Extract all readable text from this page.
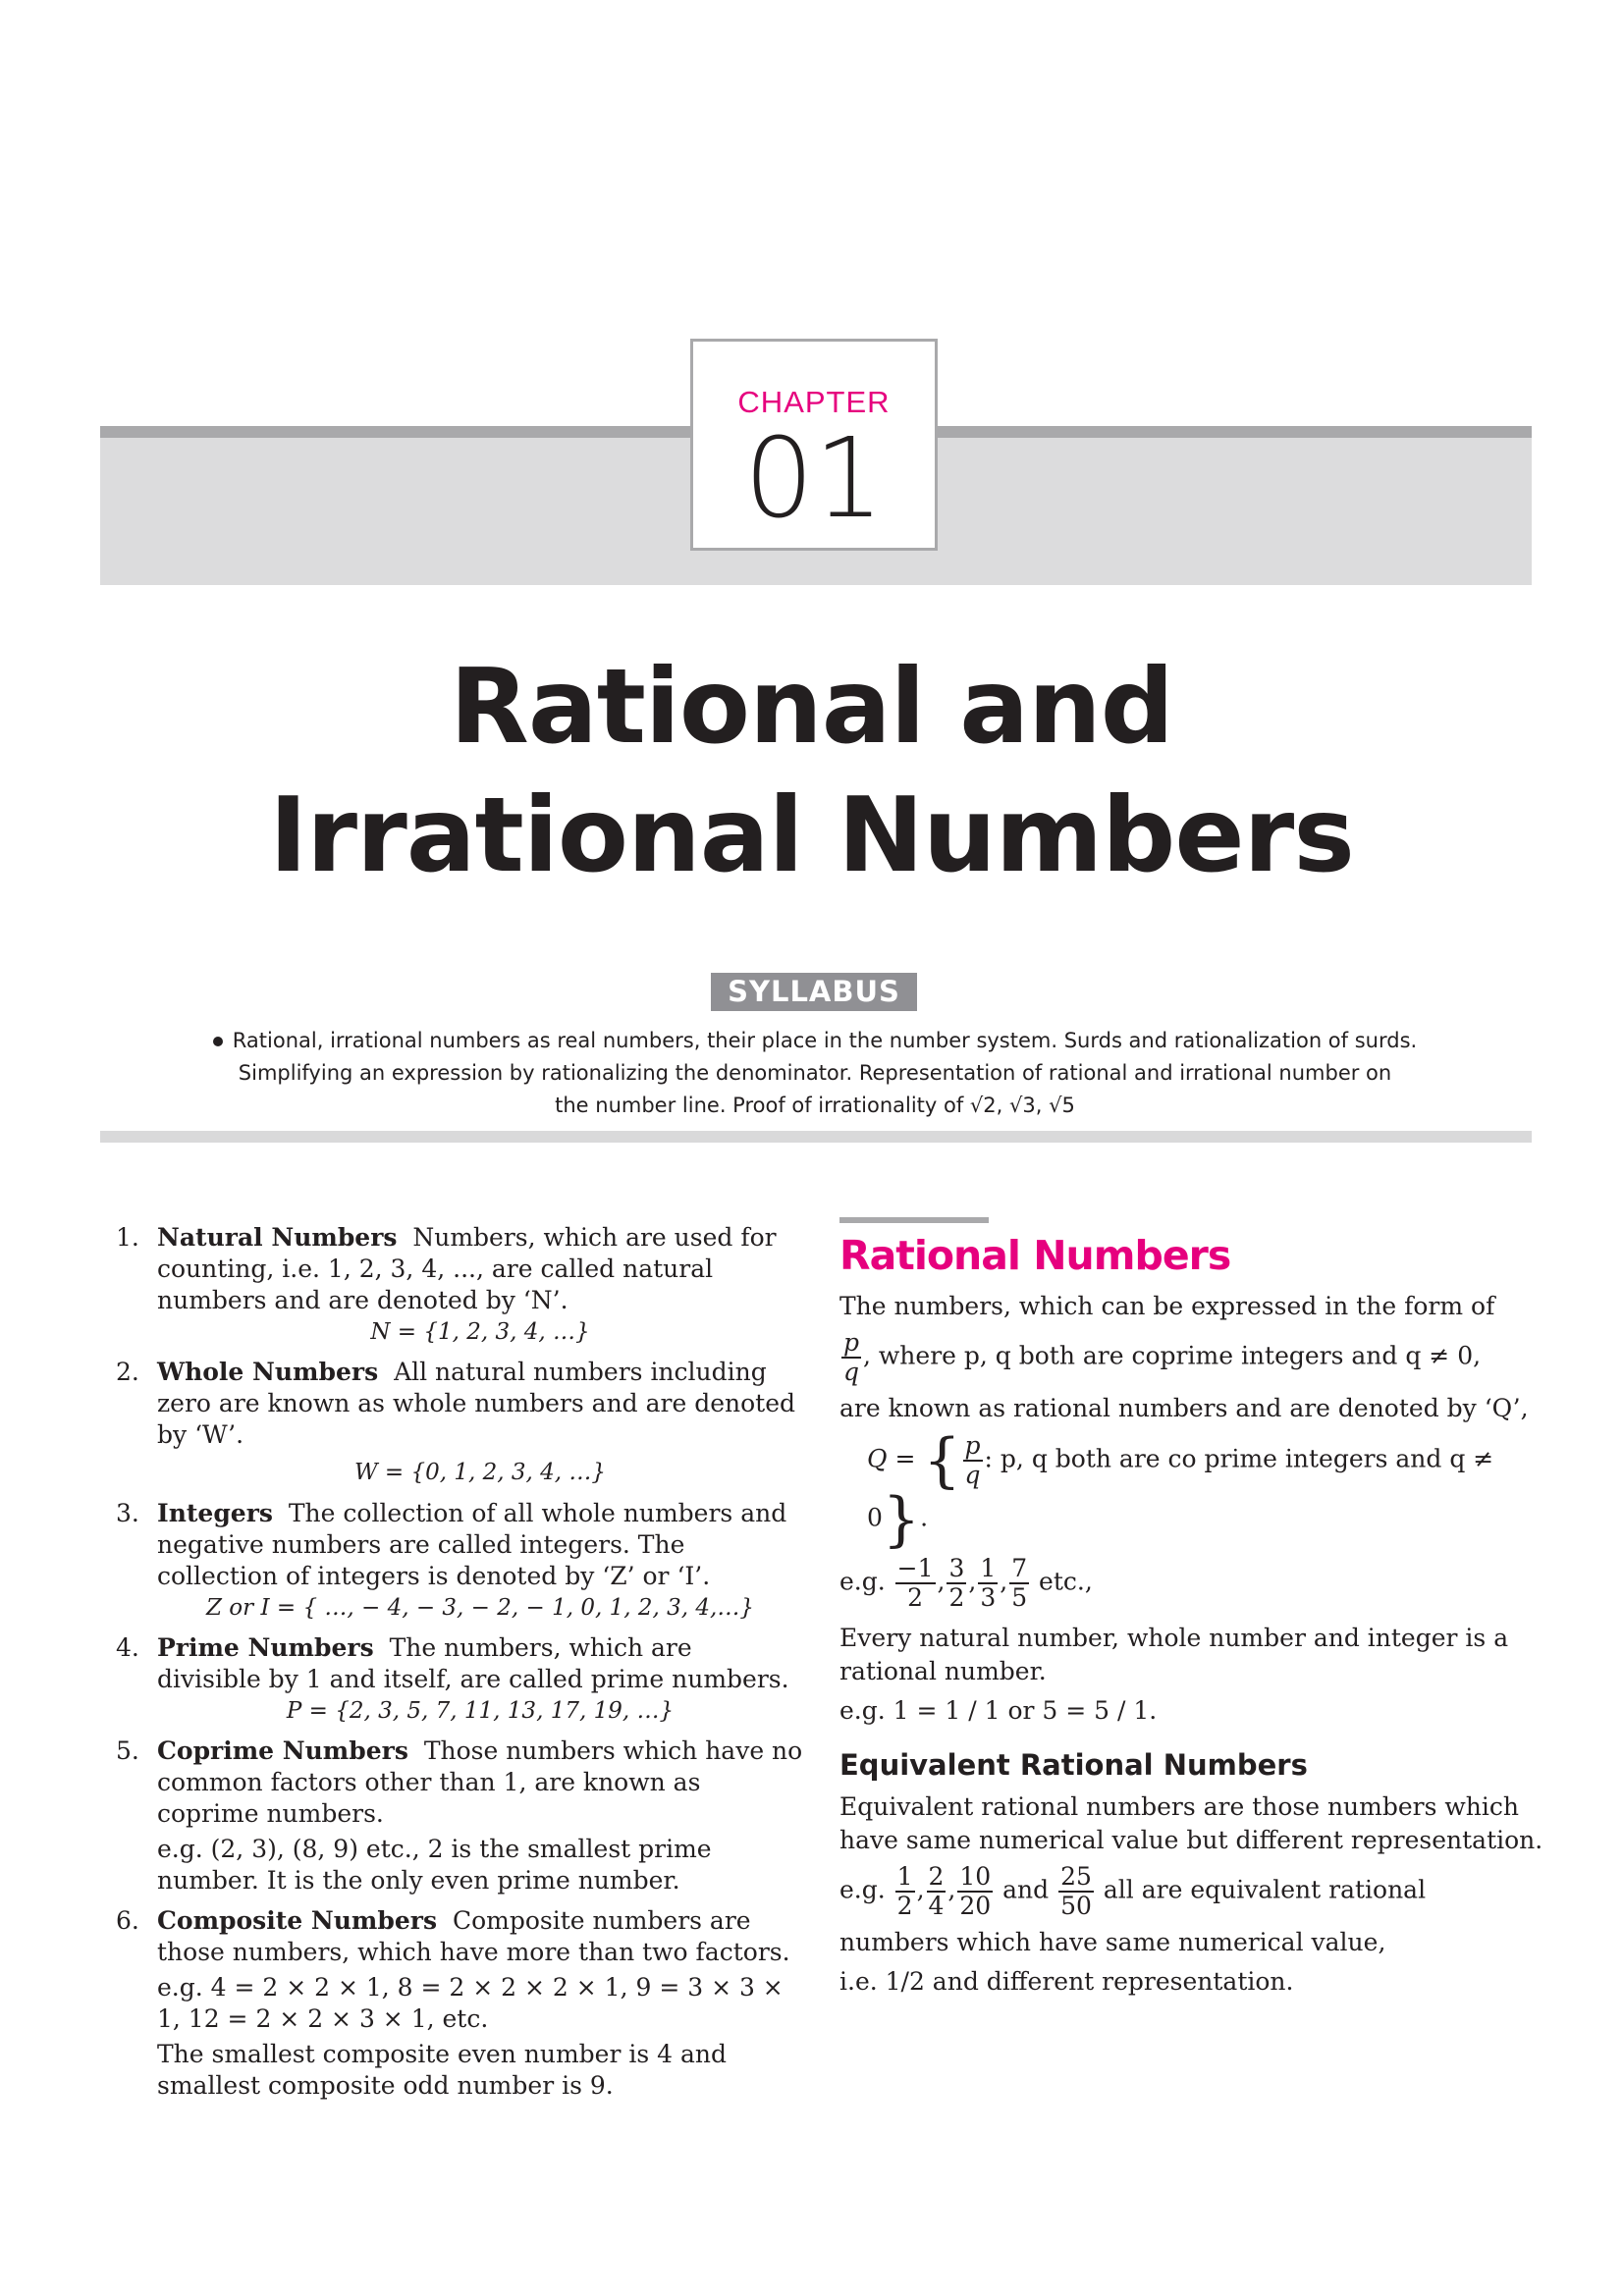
CHAPTER
01
Rational and
Irrational Numbers
SYLLABUS
Rational, irrational numbers as real numbers, their place in the number system. Surds and rationalization of surds.
Simplifying an expression by rationalizing the denominator. Representation of rational and irrational number on
the number line. Proof of irrationality of √2, √3, √5
1. Natural Numbers Numbers, which are used for counting, i.e. 1, 2, 3, 4, ..., are called natural numbers and are denoted by ‘N’.
N = {1, 2, 3, 4, …}
2. Whole Numbers All natural numbers including zero are known as whole numbers and are denoted by ‘W’.
W = {0, 1, 2, 3, 4, …}
3. Integers The collection of all whole numbers and negative numbers are called integers. The collection of integers is denoted by ‘Z’ or ‘I’.
Z or I = { …, − 4, − 3, − 2, − 1, 0, 1, 2, 3, 4,…}
4. Prime Numbers The numbers, which are divisible by 1 and itself, are called prime numbers.
P = {2, 3, 5, 7, 11, 13, 17, 19, …}
5. Coprime Numbers Those numbers which have no common factors other than 1, are known as coprime numbers.
e.g. (2, 3), (8, 9) etc., 2 is the smallest prime number. It is the only even prime number.
6. Composite Numbers Composite numbers are those numbers, which have more than two factors.
e.g. 4 = 2 × 2 × 1, 8 = 2 × 2 × 2 × 1, 9 = 3 × 3 × 1, 12 = 2 × 2 × 3 × 1, etc.
The smallest composite even number is 4 and smallest composite odd number is 9.
Rational Numbers
The numbers, which can be expressed in the form of
$\frac{p}{q}$ , where p, q both are coprime integers and q ≠ 0,
are known as rational numbers and are denoted by ‘Q’,
Q = { $\frac{p}{q}$ : p, q both are co prime integers and q ≠ 0}.
e.g. $\frac{-1}{2}$ , $\frac{3}{2}$ , $\frac{1}{3}$ , $\frac{7}{5}$ etc.,
Every natural number, whole number and integer is a rational number.
e.g. 1 = 1 / 1 or 5 = 5 / 1.
Equivalent Rational Numbers
Equivalent rational numbers are those numbers which have same numerical value but different representation.
e.g. $\frac{1}{2}$ , $\frac{2}{4}$ , $\frac{10}{20}$ and $\frac{25}{50}$ all are equivalent rational
numbers which have same numerical value,
i.e. 1/2 and different representation.
